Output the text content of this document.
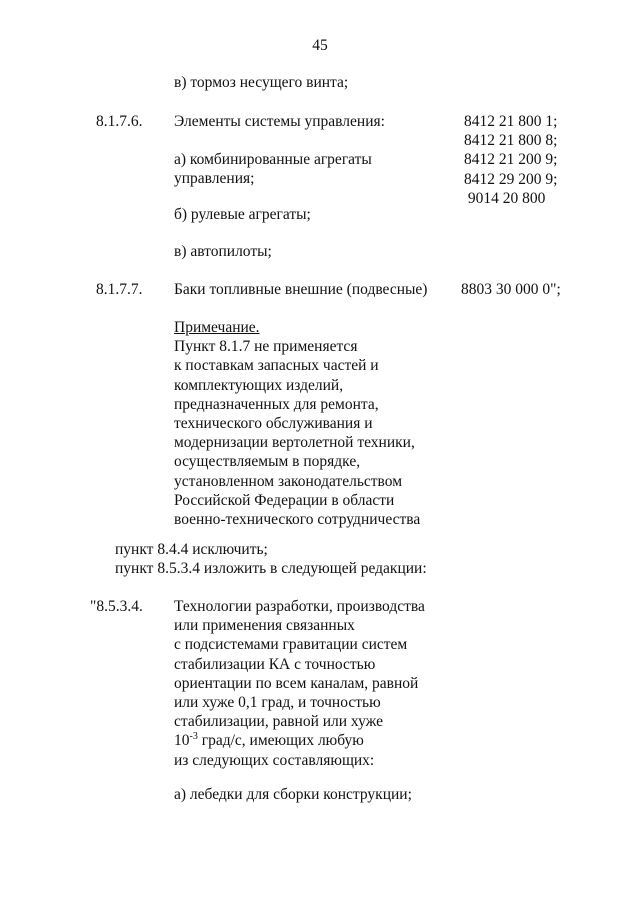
45
в) тормоз несущего винта;
8.1.7.6. Элементы системы управления:	8412 21 800 1;
8412 21 800 8;
8412 21 200 9;
8412 29 200 9;
9014 20 800
а) комбинированные агрегаты
управления;
б) рулевые агрегаты;
в) автопилоты;
8.1.7.7. Баки топливные внешние (подвесные) 8803 30 000 0";
Примечание.
Пункт 8.1.7 не применяется
к поставкам запасных частей и
комплектующих изделий,
предназначенных для ремонта,
технического обслуживания и
модернизации вертолетной техники,
осуществляемым в порядке,
установленном законодательством
Российской Федерации в области
военно-технического сотрудничества
пункт 8.4.4 исключить;
пункт 8.5.3.4 изложить в следующей редакции:
"8.5.3.4. Технологии разработки, производства
или применения связанных
с подсистемами гравитации систем
стабилизации КА с точностью
ориентации по всем каналам, равной
или хуже 0,1 град, и точностью
стабилизации, равной или хуже
$10^{-3}$ град/с, имеющих любую
из следующих составляющих:
а) лебедки для сборки конструкции;
